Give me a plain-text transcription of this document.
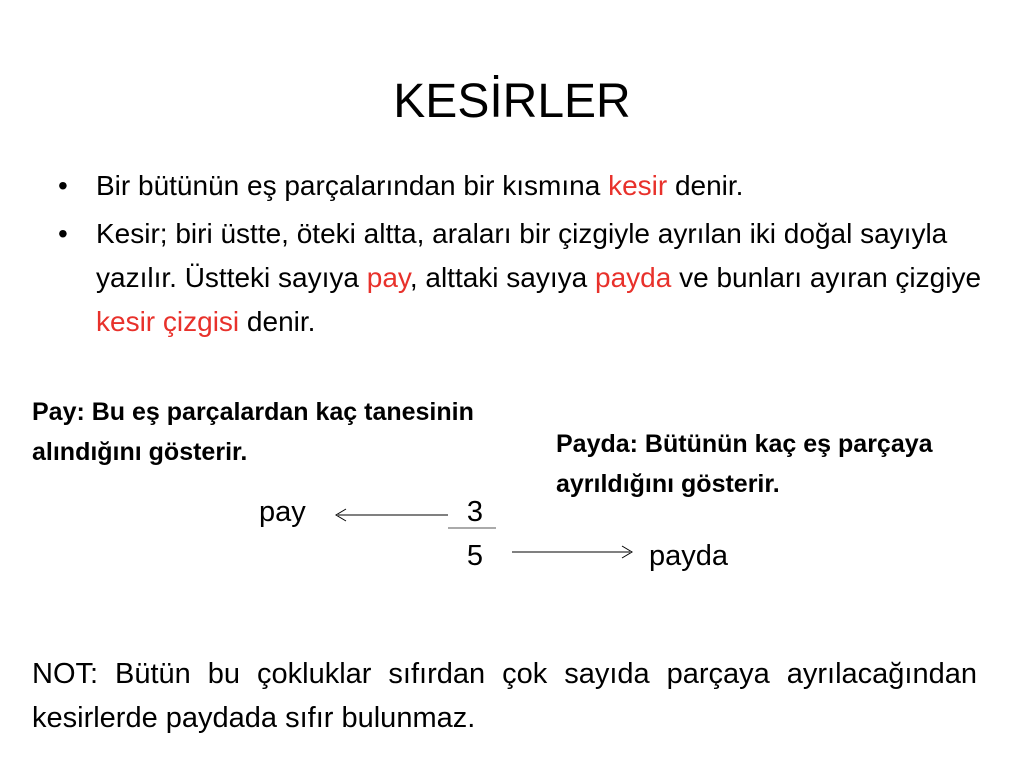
KESİRLER
• Bir bütünün eş parçalarından bir kısmına kesir denir.
• Kesir; biri üstte, öteki altta, araları bir çizgiyle ayrılan iki doğal sayıyla yazılır. Üstteki sayıya pay, alttaki sayıya payda ve bunları ayıran çizgiye kesir çizgisi denir.
Pay: Bu eş parçalardan kaç tanesinin alındığını gösterir.	Payda: Bütünün kaç eş parçaya ayrıldığını gösterir.
pay	3
5	payda
NOT: Bütün bu çokluklar sıfırdan çok sayıda parçaya ayrılacağından kesirlerde paydada sıfır bulunmaz.
